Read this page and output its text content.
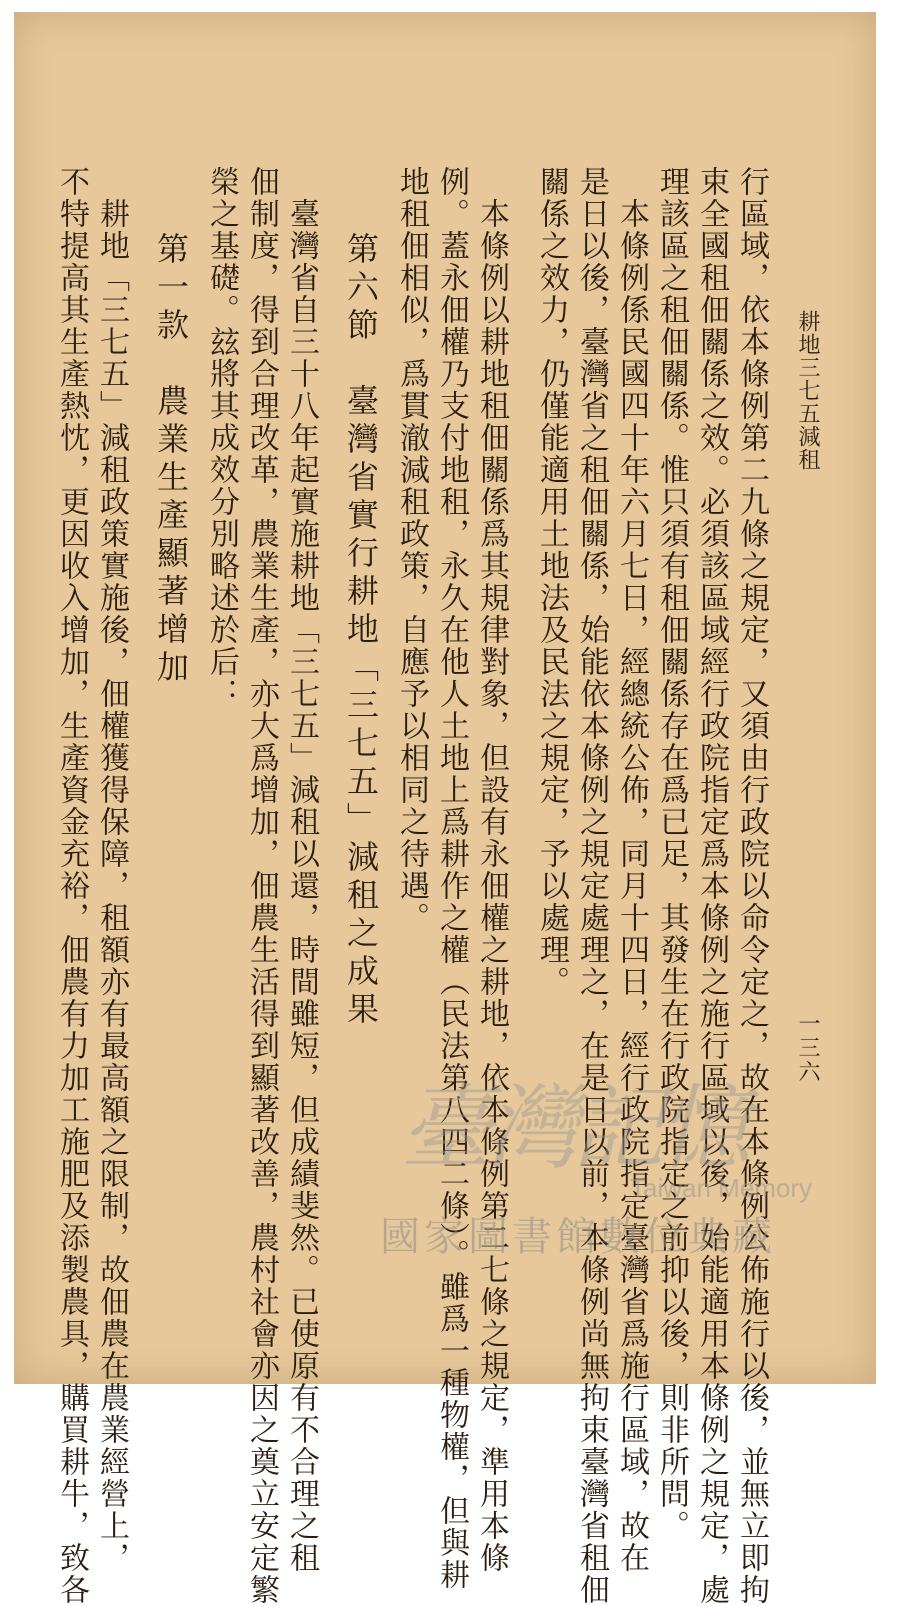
耕地三七五減租
一三六
行區域，依本條例第二九條之規定，又須由行政院以命令定之，故在本條例公佈施行以後，並無立即拘
束全國租佃關係之效。必須該區域經行政院指定爲本條例之施行區域以後，始能適用本條例之規定，處
理該區之租佃關係。惟只須有租佃關係存在爲已足，其發生在行政院指定之前抑以後，則非所問。
　本條例係民國四十年六月七日，經總統公佈，同月十四日，經行政院指定臺灣省爲施行區域，故在
是日以後，臺灣省之租佃關係，始能依本條例之規定處理之，在是日以前，本條例尚無拘束臺灣省租佃
關係之效力，仍僅能適用土地法及民法之規定，予以處理。
　本條例以耕地租佃關係爲其規律對象，但設有永佃權之耕地，依本條例第二七條之規定，準用本條
例。蓋永佃權乃支付地租，永久在他人土地上爲耕作之權（民法第八四二條）。雖爲一種物權，但與耕
地租佃相似，爲貫澈減租政策，自應予以相同之待遇。
第六節　臺灣省實行耕地「三七五」減租之成果
　臺灣省自三十八年起實施耕地「三七五」減租以還，時間雖短，但成績斐然。已使原有不合理之租
佃制度，得到合理改革，農業生產，亦大爲增加，佃農生活得到顯著改善，農村社會亦因之奠立安定繁
榮之基礎。玆將其成效分別略述於后：
第一款　農業生產顯著增加
　耕地「三七五」減租政策實施後，佃權獲得保障，租額亦有最高額之限制，故佃農在農業經營上，
不特提高其生產熱忱，更因收入增加，生產資金充裕，佃農有力加工施肥及添製農具，購買耕牛，致各	臺灣記憶
Taiwan Memory
國家圖書館數位典藏
